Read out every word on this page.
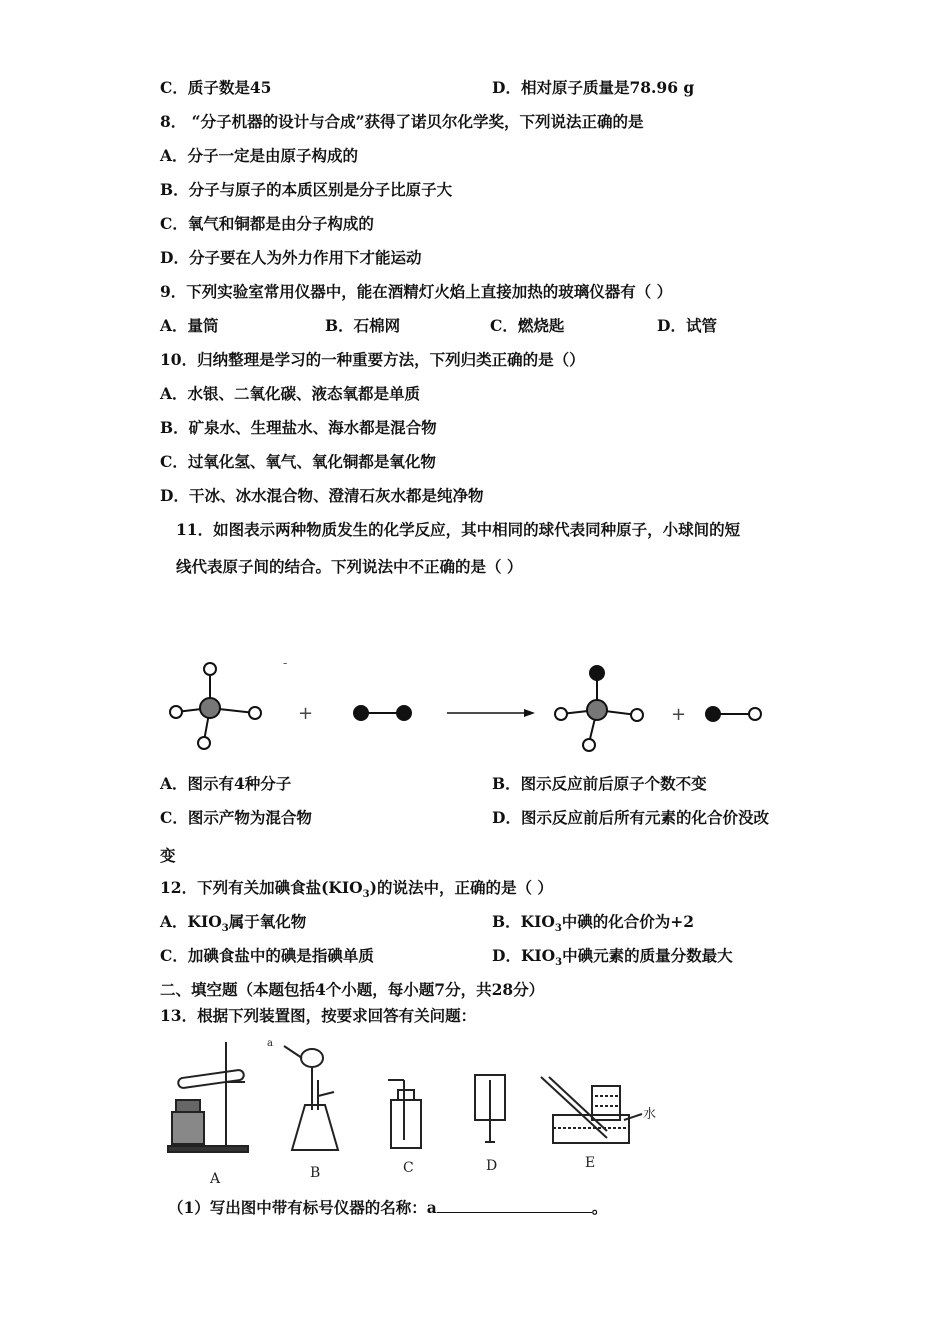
C．质子数是45	D．相对原子质量是78.96 g
8． “分子机器的设计与合成”获得了诺贝尔化学奖，下列说法正确的是
A．分子一定是由原子构成的
B．分子与原子的本质区别是分子比原子大
C．氧气和铜都是由分子构成的
D．分子要在人为外力作用下才能运动
9．下列实验室常用仪器中，能在酒精灯火焰上直接加热的玻璃仪器有（ ）
A．量筒	B．石棉网	C．燃烧匙	D．试管
10．归纳整理是学习的一种重要方法，下列归类正确的是（）
A．水银、二氧化碳、液态氧都是单质
B．矿泉水、生理盐水、海水都是混合物
C．过氧化氢、氧气、氧化铜都是氧化物
D．干冰、冰水混合物、澄清石灰水都是纯净物
11．如图表示两种物质发生的化学反应，其中相同的球代表同种原子，小球间的短
线代表原子间的结合。下列说法中不正确的是（ ）
-
+	+
A	B	C	D	E
a
水
A．图示有4种分子	B．图示反应前后原子个数不变
C．图示产物为混合物	D．图示反应前后所有元素的化合价没改
变
12．下列有关加碘食盐$(KIO_3)$的说法中，正确的是（ ）
A．$KIO_3$属于氧化物	B．$KIO_3$中碘的化合价为+2
C．加碘食盐中的碘是指碘单质	D．$KIO_3$中碘元素的质量分数最大
二、填空题（本题包括4个小题，每小题7分，共28分）
13．根据下列装置图，按要求回答有关问题：
（1）写出图中带有标号仪器的名称：a	。
